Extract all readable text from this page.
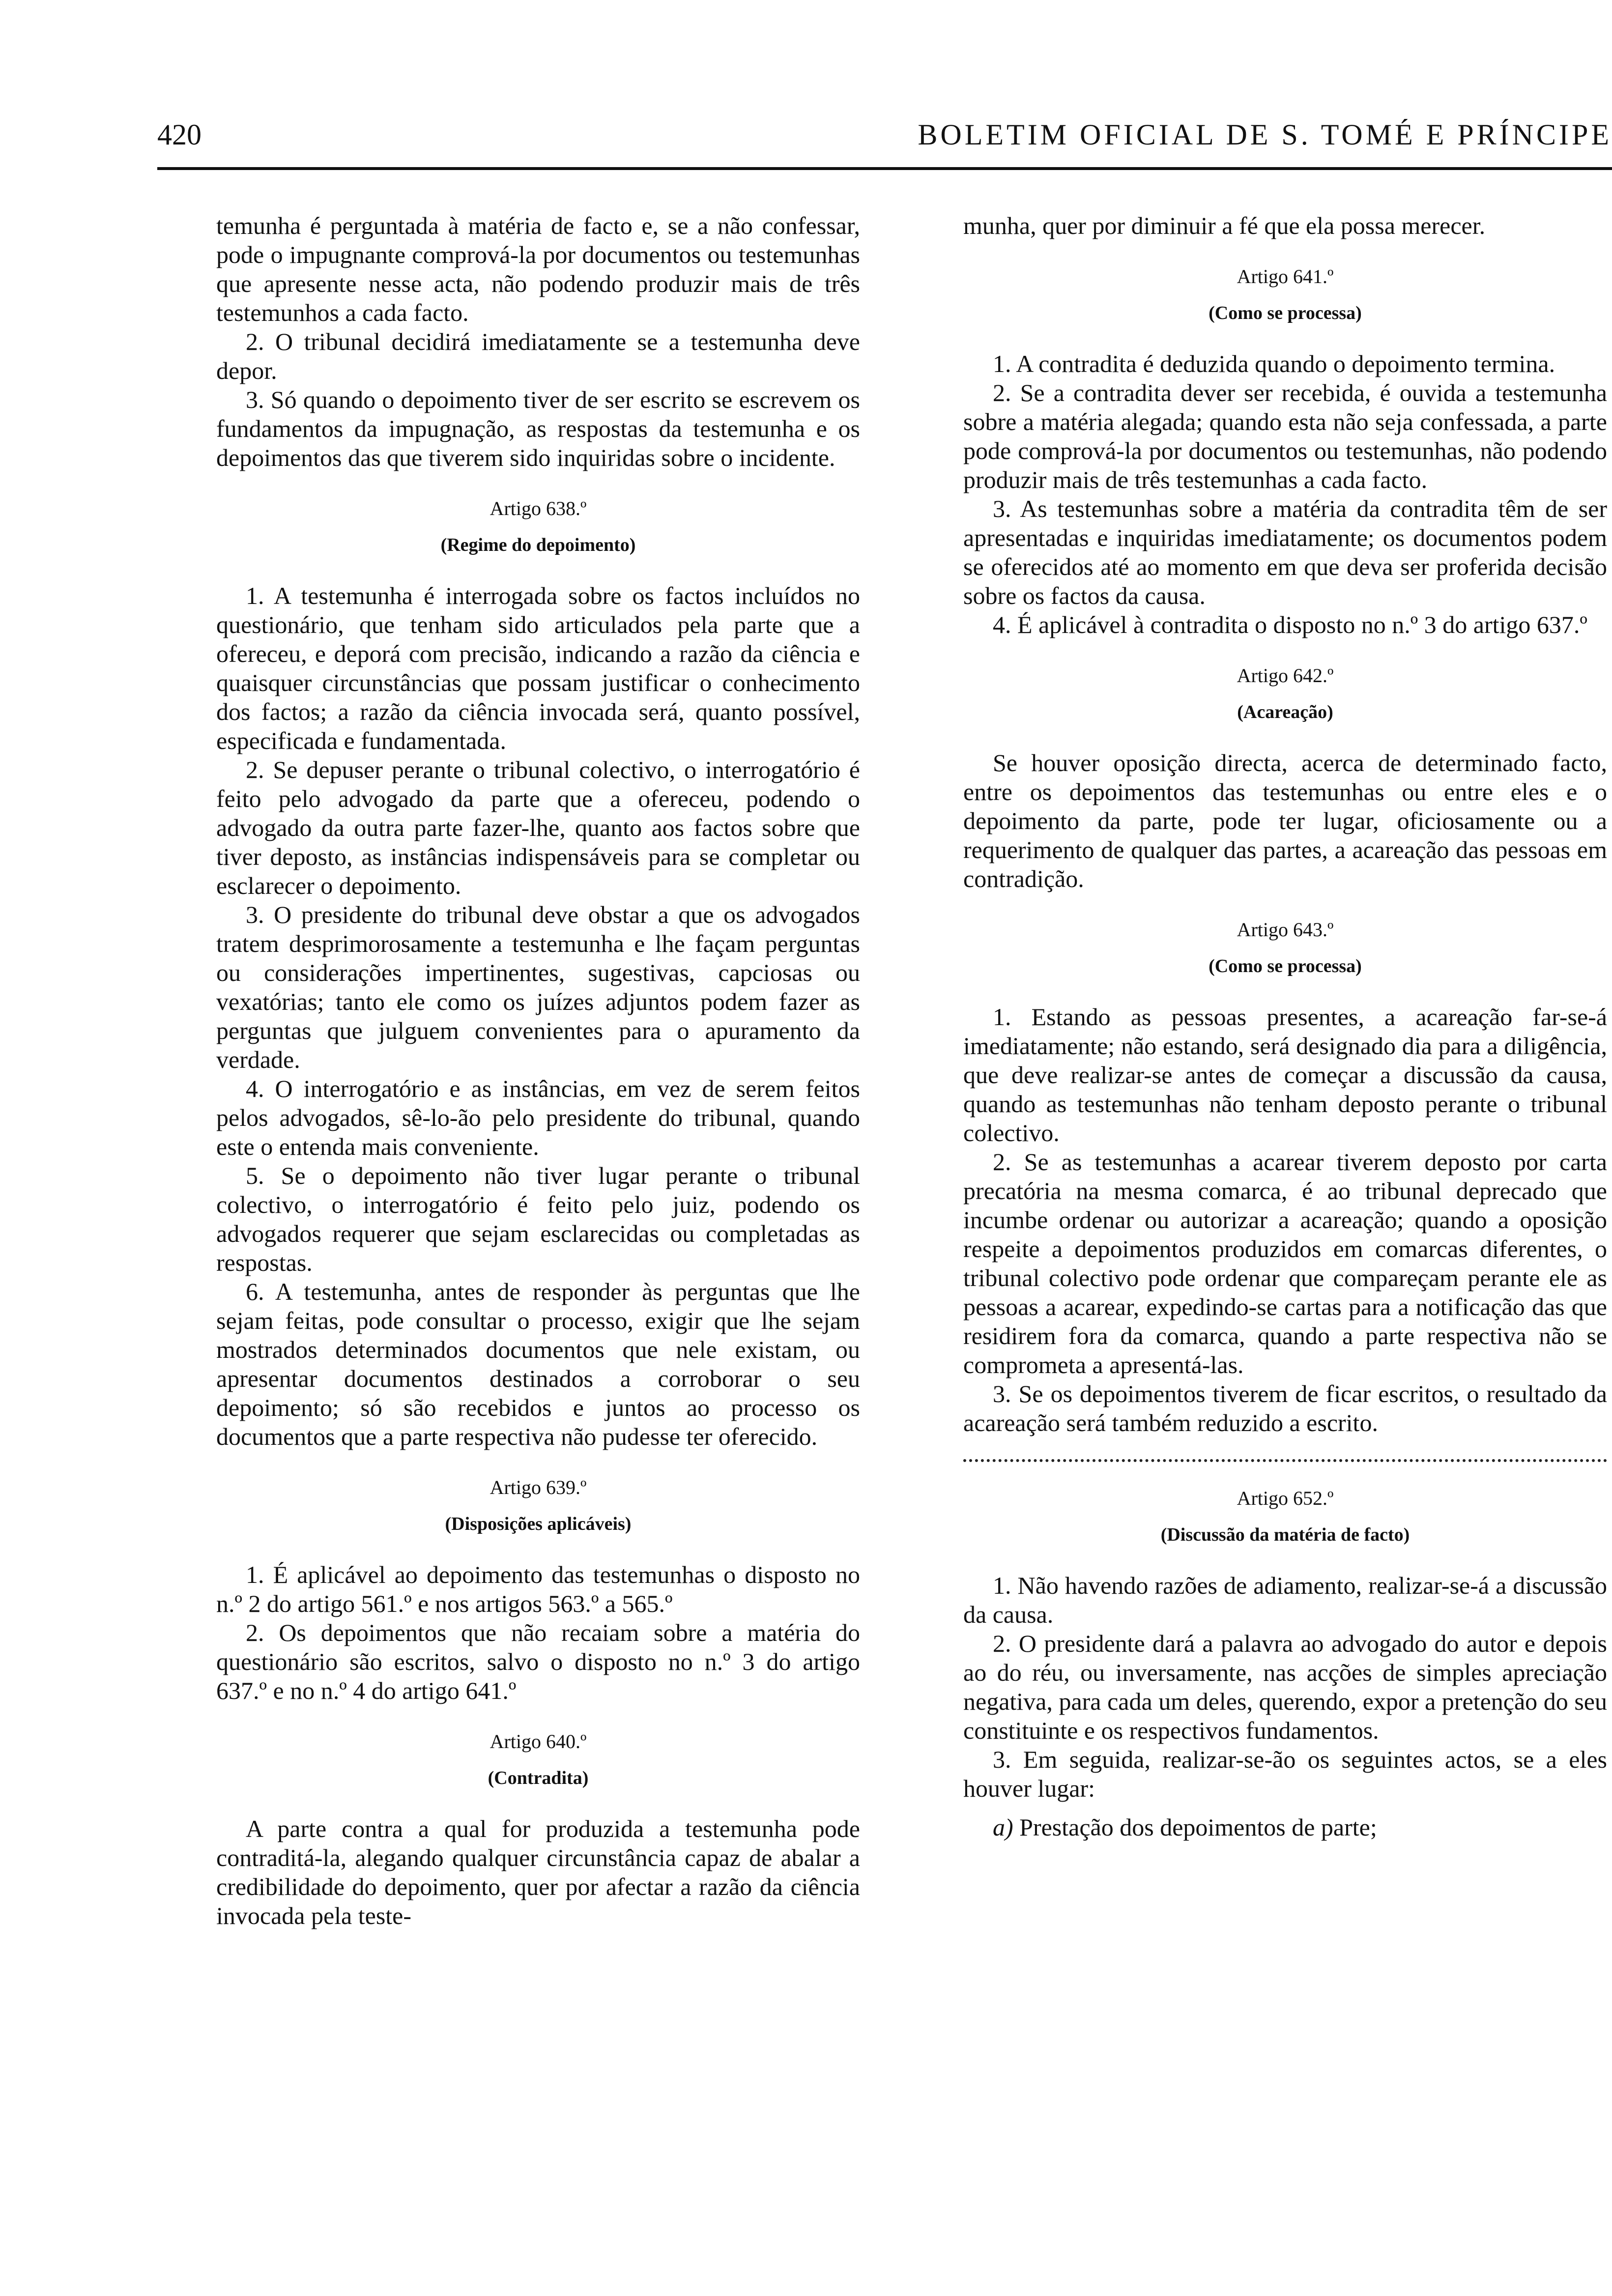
420	BOLETIM OFICIAL DE S. TOMÉ E PRÍNCIPE

temunha é perguntada à matéria de facto e, se a não confessar, pode o impugnante comprová-la por documentos ou testemunhas que apresente nesse acta, não podendo produzir mais de três testemunhos a cada facto.

2. O tribunal decidirá imediatamente se a testemunha deve depor.

3. Só quando o depoimento tiver de ser escrito se escrevem os fundamentos da impugnação, as respostas da testemunha e os depoimentos das que tiverem sido inquiridas sobre o incidente.

Artigo 638.º
(Regime do depoimento)

1. A testemunha é interrogada sobre os factos incluídos no questionário, que tenham sido articulados pela parte que a ofereceu, e deporá com precisão, indicando a razão da ciência e quaisquer circunstâncias que possam justificar o conhecimento dos factos; a razão da ciência invocada será, quanto possível, especificada e fundamentada.

2. Se depuser perante o tribunal colectivo, o interrogatório é feito pelo advogado da parte que a ofereceu, podendo o advogado da outra parte fazer-lhe, quanto aos factos sobre que tiver deposto, as instâncias indispensáveis para se completar ou esclarecer o depoimento.

3. O presidente do tribunal deve obstar a que os advogados tratem desprimorosamente a testemunha e lhe façam perguntas ou considerações impertinentes, sugestivas, capciosas ou vexatórias; tanto ele como os juízes adjuntos podem fazer as perguntas que julguem convenientes para o apuramento da verdade.

4. O interrogatório e as instâncias, em vez de serem feitos pelos advogados, sê-lo-ão pelo presidente do tribunal, quando este o entenda mais conveniente.

5. Se o depoimento não tiver lugar perante o tribunal colectivo, o interrogatório é feito pelo juiz, podendo os advogados requerer que sejam esclarecidas ou completadas as respostas.

6. A testemunha, antes de responder às perguntas que lhe sejam feitas, pode consultar o processo, exigir que lhe sejam mostrados determinados documentos que nele existam, ou apresentar documentos destinados a corroborar o seu depoimento; só são recebidos e juntos ao processo os documentos que a parte respectiva não pudesse ter oferecido.

Artigo 639.º
(Disposições aplicáveis)

1. É aplicável ao depoimento das testemunhas o disposto no n.º 2 do artigo 561.º e nos artigos 563.º a 565.º

2. Os depoimentos que não recaiam sobre a matéria do questionário são escritos, salvo o disposto no n.º 3 do artigo 637.º e no n.º 4 do artigo 641.º

Artigo 640.º
(Contradita)

A parte contra a qual for produzida a testemunha pode contraditá-la, alegando qualquer circunstância capaz de abalar a credibilidade do depoimento, quer por afectar a razão da ciência invocada pela teste-

munha, quer por diminuir a fé que ela possa merecer.

Artigo 641.º
(Como se processa)

1. A contradita é deduzida quando o depoimento termina.

2. Se a contradita dever ser recebida, é ouvida a testemunha sobre a matéria alegada; quando esta não seja confessada, a parte pode comprová-la por documentos ou testemunhas, não podendo produzir mais de três testemunhas a cada facto.

3. As testemunhas sobre a matéria da contradita têm de ser apresentadas e inquiridas imediatamente; os documentos podem se oferecidos até ao momento em que deva ser proferida decisão sobre os factos da causa.

4. É aplicável à contradita o disposto no n.º 3 do artigo 637.º

Artigo 642.º
(Acareação)

Se houver oposição directa, acerca de determinado facto, entre os depoimentos das testemunhas ou entre eles e o depoimento da parte, pode ter lugar, oficiosamente ou a requerimento de qualquer das partes, a acareação das pessoas em contradição.

Artigo 643.º
(Como se processa)

1. Estando as pessoas presentes, a acareação far-se-á imediatamente; não estando, será designado dia para a diligência, que deve realizar-se antes de começar a discussão da causa, quando as testemunhas não tenham deposto perante o tribunal colectivo.

2. Se as testemunhas a acarear tiverem deposto por carta precatória na mesma comarca, é ao tribunal deprecado que incumbe ordenar ou autorizar a acareação; quando a oposição respeite a depoimentos produzidos em comarcas diferentes, o tribunal colectivo pode ordenar que compareçam perante ele as pessoas a acarear, expedindo-se cartas para a notificação das que residirem fora da comarca, quando a parte respectiva não se comprometa a apresentá-las.

3. Se os depoimentos tiverem de ficar escritos, o resultado da acareação será também reduzido a escrito.

Artigo 652.º
(Discussão da matéria de facto)

1. Não havendo razões de adiamento, realizar-se-á a discussão da causa.

2. O presidente dará a palavra ao advogado do autor e depois ao do réu, ou inversamente, nas acções de simples apreciação negativa, para cada um deles, querendo, expor a pretenção do seu constituinte e os respectivos fundamentos.

3. Em seguida, realizar-se-ão os seguintes actos, se a eles houver lugar:

a) Prestação dos depoimentos de parte;
